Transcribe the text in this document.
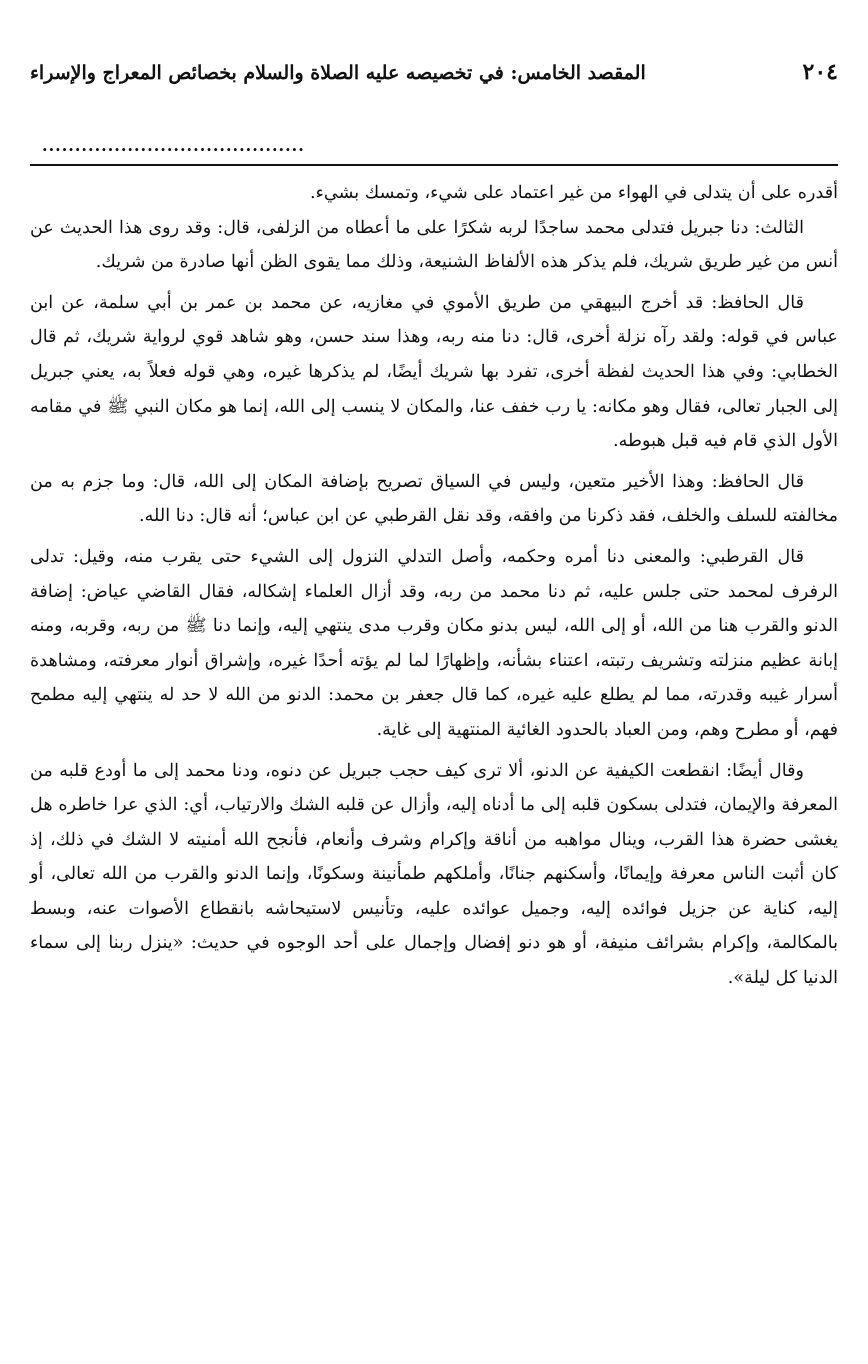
٢٠٤
المقصد الخامس: في تخصيصه عليه الصلاة والسلام بخصائص المعراج والإسراء
........................................

أقدره على أن يتدلى في الهواء من غير اعتماد على شيء، وتمسك بشيء.

الثالث: دنا جبريل فتدلى محمد ساجدًا لربه شكرًا على ما أعطاه من الزلفى، قال: وقد روى هذا الحديث عن أنس من غير طريق شريك، فلم يذكر هذه الألفاظ الشنيعة، وذلك مما يقوى الظن أنها صادرة من شريك.

قال الحافظ: قد أخرج البيهقي من طريق الأموي في مغازيه، عن محمد بن عمر بن أبي سلمة، عن ابن عباس في قوله: ولقد رآه نزلة أخرى، قال: دنا منه ربه، وهذا سند حسن، وهو شاهد قوي لرواية شريك، ثم قال الخطابي: وفي هذا الحديث لفظة أخرى، تفرد بها شريك أيضًا، لم يذكرها غيره، وهي قوله فعلاً به، يعني جبريل إلى الجبار تعالى، فقال وهو مكانه: يا رب خفف عنا، والمكان لا ينسب إلى الله، إنما هو مكان النبي ﷺ في مقامه الأول الذي قام فيه قبل هبوطه.

قال الحافظ: وهذا الأخير متعين، وليس في السياق تصريح بإضافة المكان إلى الله، قال: وما جزم به من مخالفته للسلف والخلف، فقد ذكرنا من وافقه، وقد نقل القرطبي عن ابن عباس؛ أنه قال: دنا الله.

قال القرطبي: والمعنى دنا أمره وحكمه، وأصل التدلي النزول إلى الشيء حتى يقرب منه، وقيل: تدلى الرفرف لمحمد حتى جلس عليه، ثم دنا محمد من ربه، وقد أزال العلماء إشكاله، فقال القاضي عياض: إضافة الدنو والقرب هنا من الله، أو إلى الله، ليس بدنو مكان وقرب مدى ينتهي إليه، وإنما دنا ﷺ من ربه، وقربه، ومنه إبانة عظيم منزلته وتشريف رتبته، اعتناء بشأنه، وإظهارًا لما لم يؤته أحدًا غيره، وإشراق أنوار معرفته، ومشاهدة أسرار غيبه وقدرته، مما لم يطلع عليه غيره، كما قال جعفر بن محمد: الدنو من الله لا حد له ينتهي إليه مطمح فهم، أو مطرح وهم، ومن العباد بالحدود الغائية المنتهية إلى غاية.

وقال أيضًا: انقطعت الكيفية عن الدنو، ألا ترى كيف حجب جبريل عن دنوه، ودنا محمد إلى ما أودع قلبه من المعرفة والإيمان، فتدلى بسكون قلبه إلى ما أدناه إليه، وأزال عن قلبه الشك والارتياب، أي: الذي عرا خاطره هل يغشى حضرة هذا القرب، وينال مواهبه من أناقة وإكرام وشرف وأنعام، فأنجح الله أمنيته لا الشك في ذلك، إذ كان أثبت الناس معرفة وإيمانًا، وأسكنهم جنانًا، وأملكهم طمأنينة وسكونًا، وإنما الدنو والقرب من الله تعالى، أو إليه، كناية عن جزيل فوائده إليه، وجميل عوائده عليه، وتأنيس لاستيحاشه بانقطاع الأصوات عنه، وبسط بالمكالمة، وإكرام بشرائف منيفة، أو هو دنو إفضال وإجمال على أحد الوجوه في حديث: «ينزل ربنا إلى سماء الدنيا كل ليلة».
